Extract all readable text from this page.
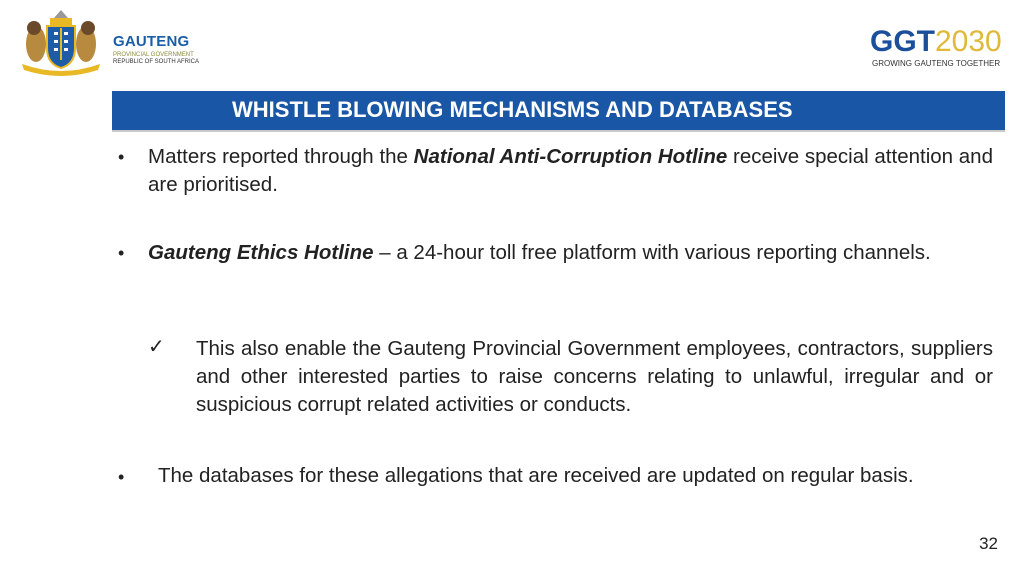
GAUTENG
PROVINCIAL GOVERNMENT
REPUBLIC OF SOUTH AFRICA
GGT2030
GROWING GAUTENG TOGETHER
WHISTLE BLOWING MECHANISMS AND DATABASES
• Matters reported through the National Anti-Corruption Hotline receive special attention and are prioritised.
• Gauteng Ethics Hotline – a 24-hour toll free platform with various reporting channels.
✓ This also enable the Gauteng Provincial Government employees, contractors, suppliers and other interested parties to raise concerns relating to unlawful, irregular and or suspicious corrupt related activities or conducts.
• The databases for these allegations that are received are updated on regular basis.
32
